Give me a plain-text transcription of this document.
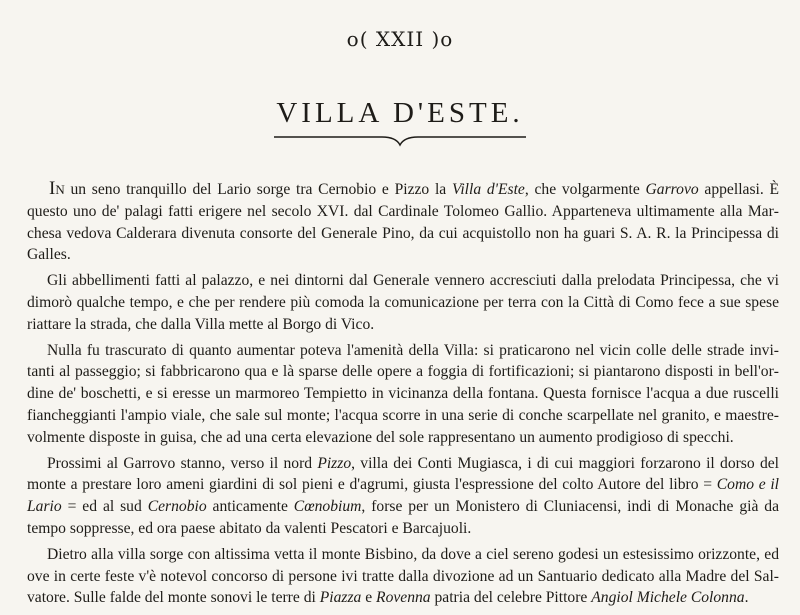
o( XXII )o
VILLA D'ESTE.

IN un seno tranquillo del Lario sorge tra Cernobio e Pizzo la Villa d'Este, che volgarmente Garrovo appellasi. È questo uno de' palagi fatti erigere nel secolo XVI. dal Cardinale Tolomeo Gallio. Apparteneva ultimamente alla Marchesa vedova Calderara divenuta consorte del Generale Pino, da cui acquistollo non ha guari S. A. R. la Principessa di Galles.

Gli abbellimenti fatti al palazzo, e nei dintorni dal Generale vennero accresciuti dalla prelodata Principessa, che vi dimorò qualche tempo, e che per rendere più comoda la comunicazione per terra con la Città di Como fece a sue spese riattare la strada, che dalla Villa mette al Borgo di Vico.

Nulla fu trascurato di quanto aumentar poteva l'amenità della Villa: si praticarono nel vicin colle delle strade invitanti al passeggio; si fabbricarono qua e là sparse delle opere a foggia di fortificazioni; si piantarono disposti in bell'ordine de' boschetti, e si eresse un marmoreo Tempietto in vicinanza della fontana. Questa fornisce l'acqua a due ruscelli fiancheggianti l'ampio viale, che sale sul monte; l'acqua scorre in una serie di conche scarpellate nel granito, e maestrevolmente disposte in guisa, che ad una certa elevazione del sole rappresentano un aumento prodigioso di specchi.

Prossimi al Garrovo stanno, verso il nord Pizzo, villa dei Conti Mugiasca, i di cui maggiori forzarono il dorso del monte a prestare loro ameni giardini di sol pieni e d'agrumi, giusta l'espressione del colto Autore del libro = Como e il Lario = ed al sud Cernobio anticamente Cœnobium, forse per un Monistero di Cluniacensi, indi di Monache già da tempo soppresse, ed ora paese abitato da valenti Pescatori e Barcajuoli.

Dietro alla villa sorge con altissima vetta il monte Bisbino, da dove a ciel sereno godesi un estesissimo orizzonte, ed ove in certe feste v'è notevol concorso di persone ivi tratte dalla divozione ad un Santuario dedicato alla Madre del Salvatore. Sulle falde del monte sonovi le terre di Piazza e Rovenna patria del celebre Pittore Angiol Michele Colonna.
